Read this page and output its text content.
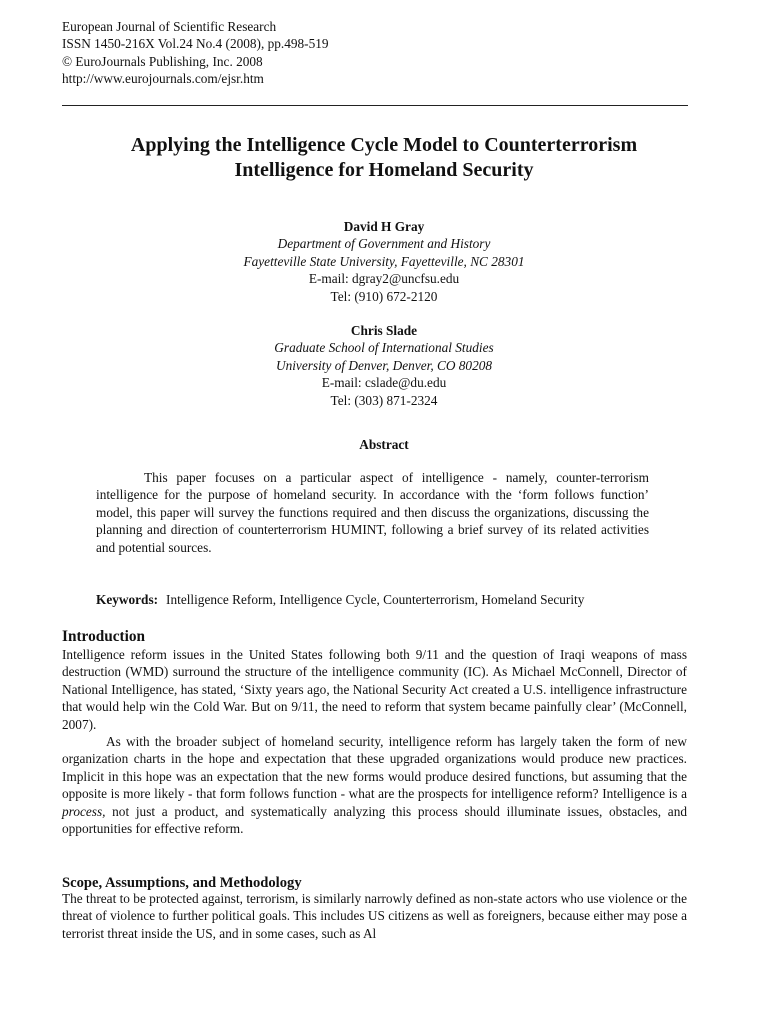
European Journal of Scientific Research
ISSN 1450-216X Vol.24 No.4 (2008), pp.498-519
© EuroJournals Publishing, Inc. 2008
http://www.eurojournals.com/ejsr.htm
Applying the Intelligence Cycle Model to Counterterrorism
Intelligence for Homeland Security
David H Gray
Department of Government and History
Fayetteville State University, Fayetteville, NC 28301
E-mail: dgray2@uncfsu.edu
Tel: (910) 672-2120
Chris Slade
Graduate School of International Studies
University of Denver, Denver, CO 80208
E-mail: cslade@du.edu
Tel: (303) 871-2324
Abstract

This paper focuses on a particular aspect of intelligence - namely, counter-terrorism intelligence for the purpose of homeland security. In accordance with the ‘form follows function’ model, this paper will survey the functions required and then discuss the organizations, discussing the planning and direction of counterterrorism HUMINT, following a brief survey of its related activities and potential sources.

Keywords: Intelligence Reform, Intelligence Cycle, Counterterrorism, Homeland Security
Introduction

Intelligence reform issues in the United States following both 9/11 and the question of Iraqi weapons of mass destruction (WMD) surround the structure of the intelligence community (IC). As Michael McConnell, Director of National Intelligence, has stated, ‘Sixty years ago, the National Security Act created a U.S. intelligence infrastructure that would help win the Cold War. But on 9/11, the need to reform that system became painfully clear’ (McConnell, 2007).

As with the broader subject of homeland security, intelligence reform has largely taken the form of new organization charts in the hope and expectation that these upgraded organizations would produce new practices. Implicit in this hope was an expectation that the new forms would produce desired functions, but assuming that the opposite is more likely - that form follows function - what are the prospects for intelligence reform? Intelligence is a process, not just a product, and systematically analyzing this process should illuminate issues, obstacles, and opportunities for effective reform.

Scope, Assumptions, and Methodology

The threat to be protected against, terrorism, is similarly narrowly defined as non-state actors who use violence or the threat of violence to further political goals. This includes US citizens as well as foreigners, because either may pose a terrorist threat inside the US, and in some cases, such as Al
